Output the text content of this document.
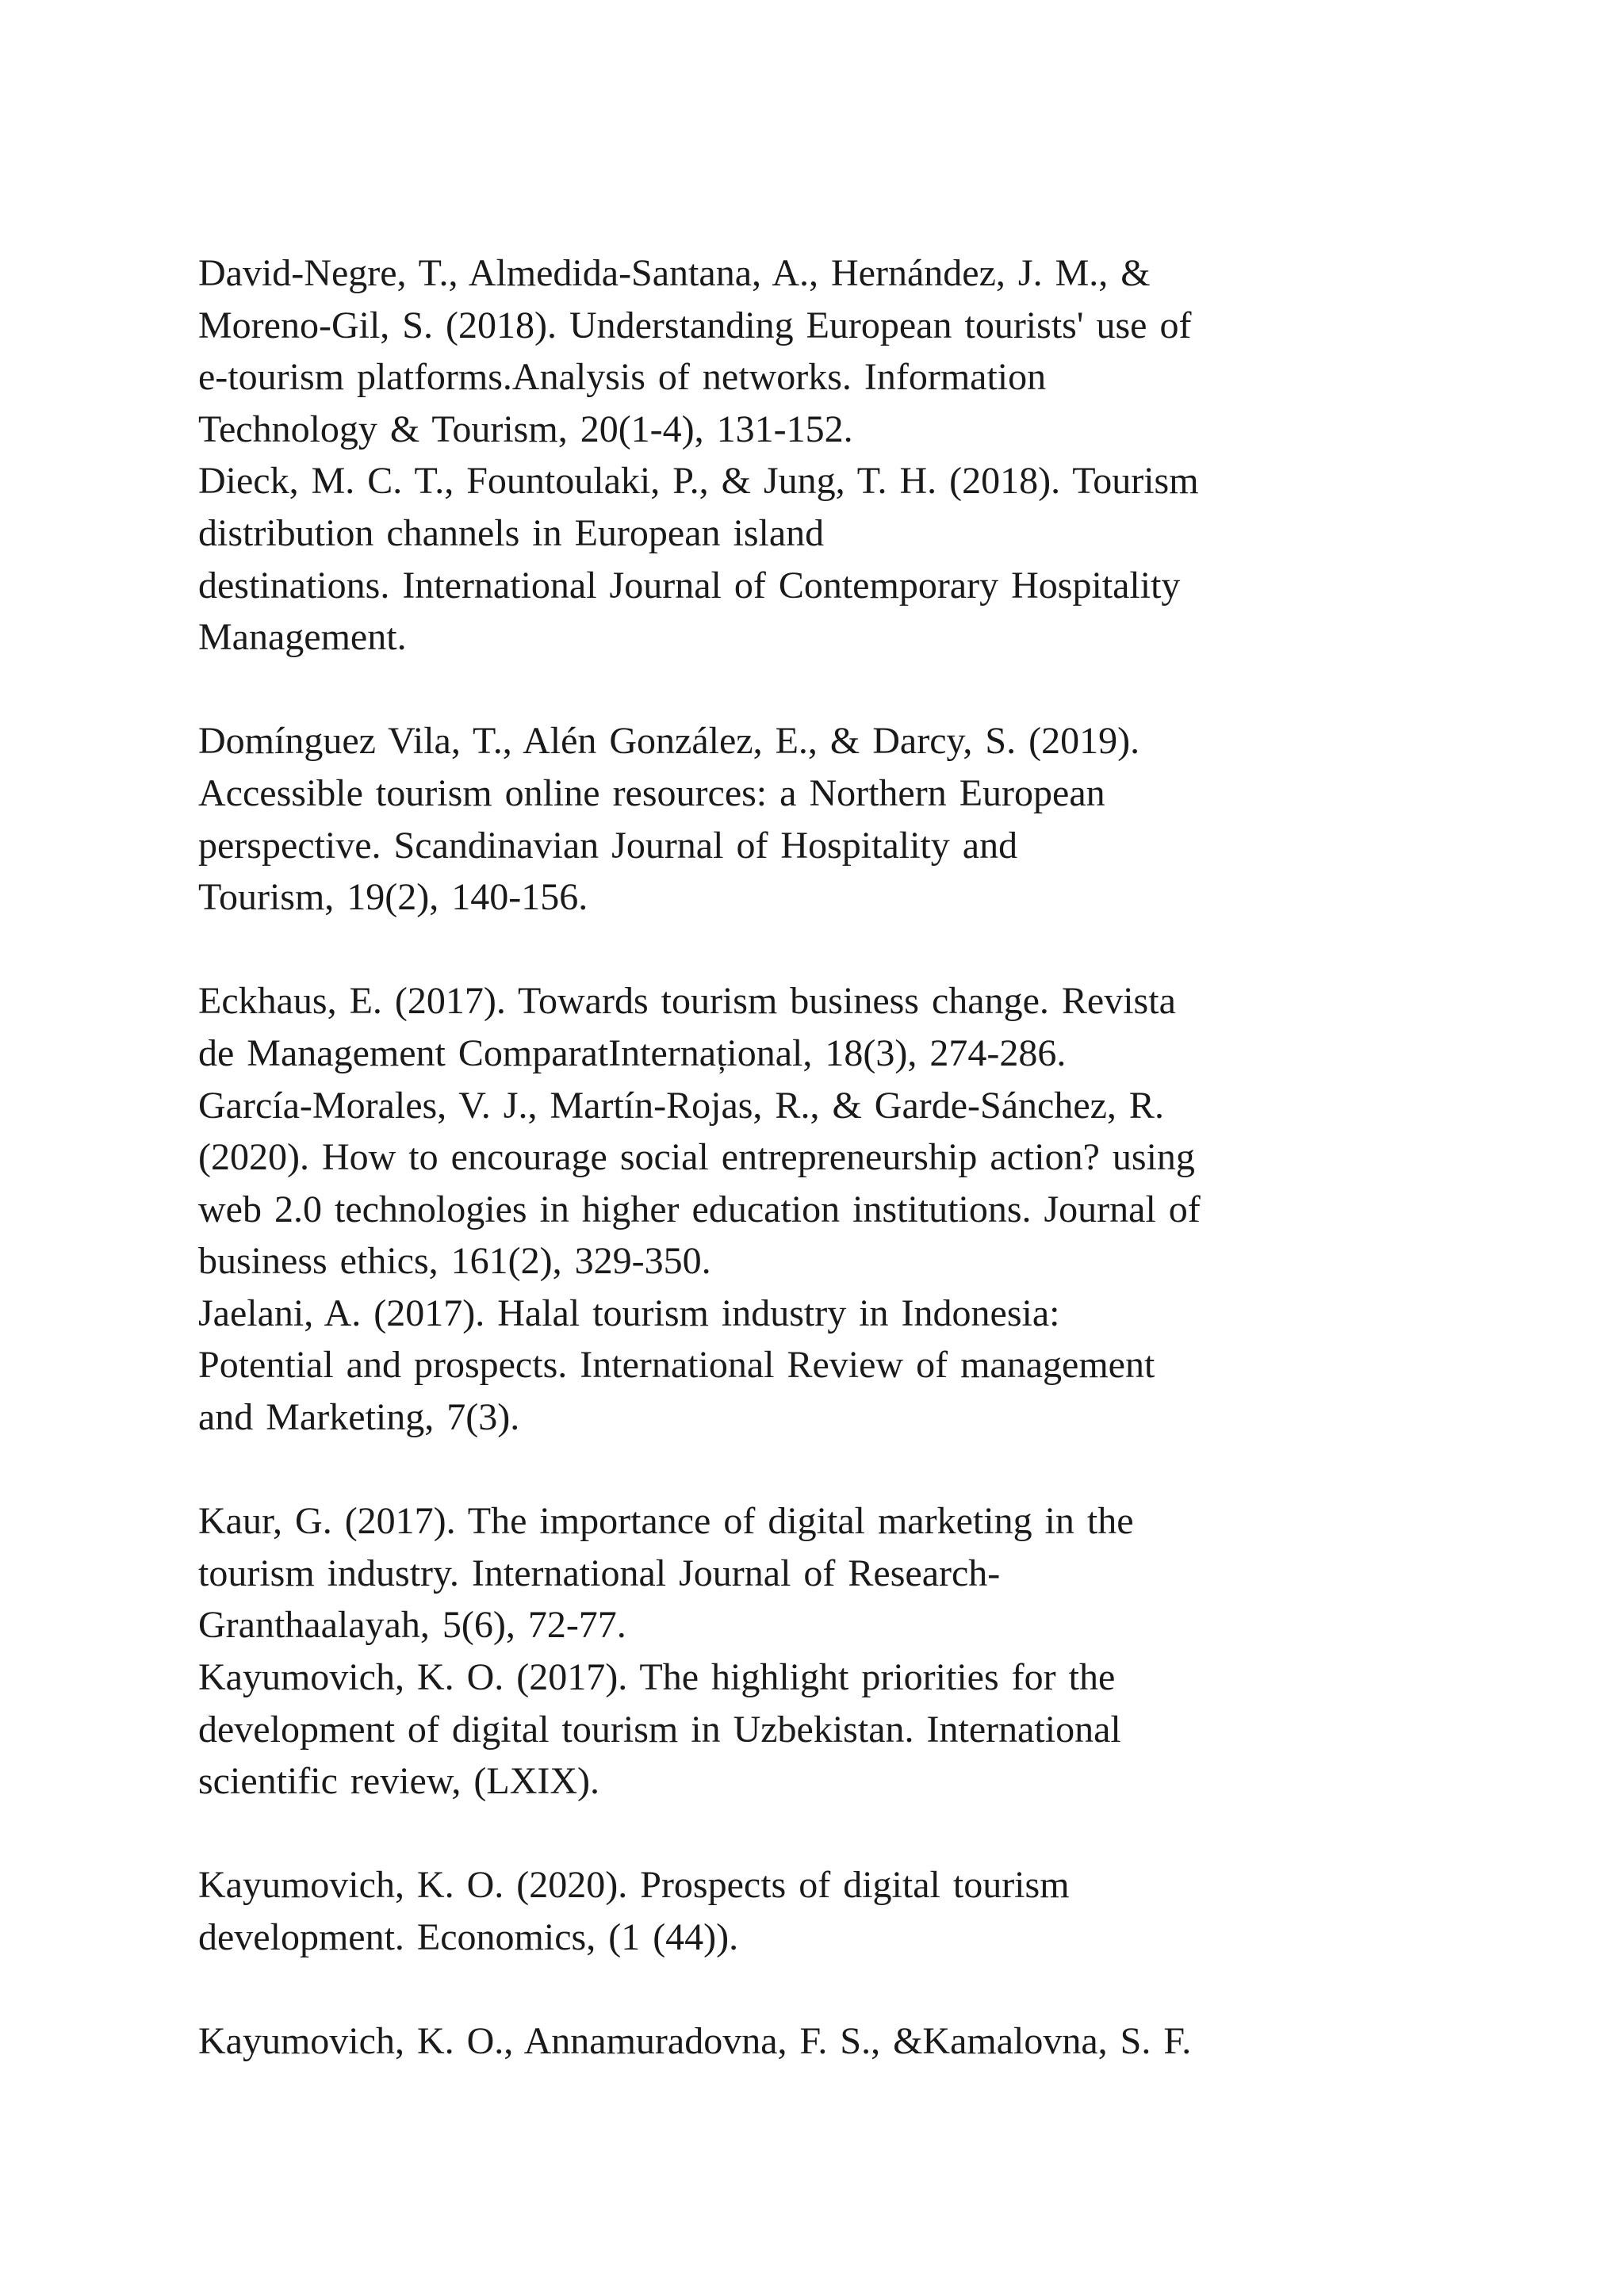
David-Negre, T., Almedida-Santana, A., Hernández, J. M., &
Moreno-Gil, S. (2018). Understanding European tourists' use of
e-tourism platforms.Analysis of networks. Information
Technology & Tourism, 20(1-4), 131-152.
Dieck, M. C. T., Fountoulaki, P., & Jung, T. H. (2018). Tourism
distribution channels in European island
destinations. International Journal of Contemporary Hospitality
Management.
Domínguez Vila, T., Alén González, E., & Darcy, S. (2019).
Accessible tourism online resources: a Northern European
perspective. Scandinavian Journal of Hospitality and
Tourism, 19(2), 140-156.
Eckhaus, E. (2017). Towards tourism business change. Revista
de Management ComparatInternațional, 18(3), 274-286.
García-Morales, V. J., Martín-Rojas, R., & Garde-Sánchez, R.
(2020). How to encourage social entrepreneurship action? using
web 2.0 technologies in higher education institutions. Journal of
business ethics, 161(2), 329-350.
Jaelani, A. (2017). Halal tourism industry in Indonesia:
Potential and prospects. International Review of management
and Marketing, 7(3).
Kaur, G. (2017). The importance of digital marketing in the
tourism industry. International Journal of Research-
Granthaalayah, 5(6), 72-77.
Kayumovich, K. O. (2017). The highlight priorities for the
development of digital tourism in Uzbekistan. International
scientific review, (LXIX).
Kayumovich, K. O. (2020). Prospects of digital tourism
development. Economics, (1 (44)).
Kayumovich, K. O., Annamuradovna, F. S., &Kamalovna, S. F.
